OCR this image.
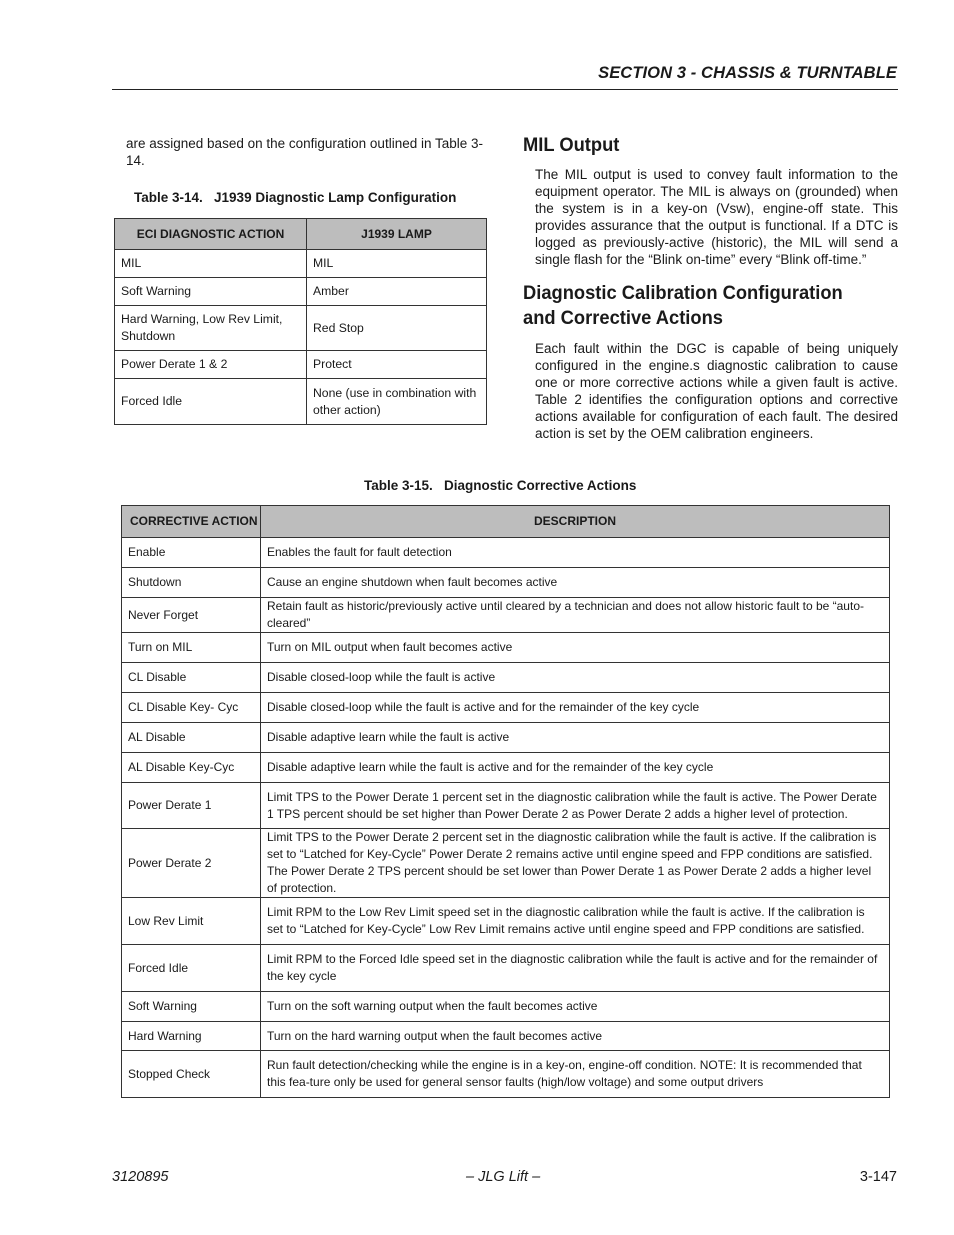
SECTION 3 - CHASSIS & TURNTABLE

are assigned based on the configuration outlined in Table 3-14.

Table 3-14.   J1939 Diagnostic Lamp Configuration
ECI DIAGNOSTIC ACTION	J1939 LAMP
MIL	MIL
Soft Warning	Amber
Hard Warning, Low Rev Limit, Shutdown	Red Stop
Power Derate 1 & 2	Protect
Forced Idle	None (use in combination with other action)
MIL Output

The MIL output is used to convey fault information to the equipment operator. The MIL is always on (grounded) when the system is in a key-on (Vsw), engine-off state. This provides assurance that the output is functional. If a DTC is logged as previously-active (historic), the MIL will send a single flash for the “Blink on-time” every “Blink off-time.”

Diagnostic Calibration Configuration and Corrective Actions

Each fault within the DGC is capable of being uniquely configured in the engine.s diagnostic calibration to cause one or more corrective actions while a given fault is active. Table 2 identifies the configuration options and corrective actions available for configuration of each fault. The desired action is set by the OEM calibration engineers.

Table 3-15.   Diagnostic Corrective Actions
CORRECTIVE ACTION	DESCRIPTION
Enable	Enables the fault for fault detection
Shutdown	Cause an engine shutdown when fault becomes active
Never Forget	Retain fault as historic/previously active until cleared by a technician and does not allow historic fault to be “auto-cleared”
Turn on MIL	Turn on MIL output when fault becomes active
CL Disable	Disable closed-loop while the fault is active
CL Disable Key- Cyc	Disable closed-loop while the fault is active and for the remainder of the key cycle
AL Disable	Disable adaptive learn while the fault is active
AL Disable Key-Cyc	Disable adaptive learn while the fault is active and for the remainder of the key cycle
Power Derate 1	Limit TPS to the Power Derate 1 percent set in the diagnostic calibration while the fault is active. The Power Derate 1 TPS percent should be set higher than Power Derate 2 as Power Derate 2 adds a higher level of protection.
Power Derate 2	Limit TPS to the Power Derate 2 percent set in the diagnostic calibration while the fault is active. If the calibration is set to “Latched for Key-Cycle” Power Derate 2 remains active until engine speed and FPP conditions are satisfied. The Power Derate 2 TPS percent should be set lower than Power Derate 1 as Power Derate 2 adds a higher level of protection.
Low Rev Limit	Limit RPM to the Low Rev Limit speed set in the diagnostic calibration while the fault is active. If the calibration is set to “Latched for Key-Cycle” Low Rev Limit remains active until engine speed and FPP conditions are satisfied.
Forced Idle	Limit RPM to the Forced Idle speed set in the diagnostic calibration while the fault is active and for the remainder of the key cycle
Soft Warning	Turn on the soft warning output when the fault becomes active
Hard Warning	Turn on the hard warning output when the fault becomes active
Stopped Check	Run fault detection/checking while the engine is in a key-on, engine-off condition. NOTE: It is recommended that this fea-ture only be used for general sensor faults (high/low voltage) and some output drivers
3120895	– JLG Lift –	3-147
